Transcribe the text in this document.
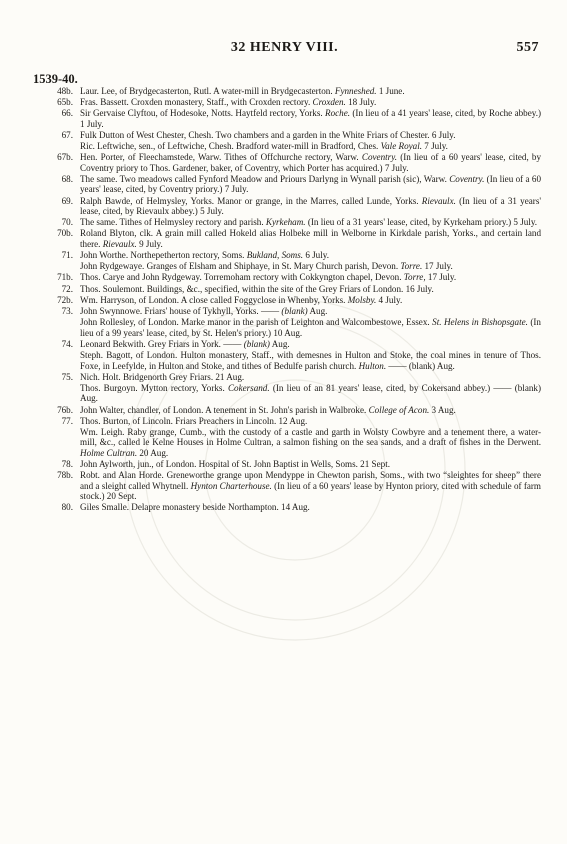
32 HENRY VIII.	557
1539-40.
48b. Laur. Lee, of Brydgecasterton, Rutl. A water-mill in Brydgecasterton. Fynneshed. 1 June.
65b. Fras. Bassett. Croxden monastery, Staff., with Croxden rectory. Croxden. 18 July.
66. Sir Gervaise Clyftou, of Hodesoke, Notts. Haytfeld rectory, Yorks. Roche. (In lieu of a 41 years' lease, cited, by Roche abbey.) 1 July.
67. Fulk Dutton of West Chester, Chesh. Two chambers and a garden in the White Friars of Chester. 6 July.
Ric. Leftwiche, sen., of Leftwiche, Chesh. Bradford water-mill in Bradford, Ches. Vale Royal. 7 July.
67b. Hen. Porter, of Fleechamstede, Warw. Tithes of Offchurche rectory, Warw. Coventry. (In lieu of a 60 years' lease, cited, by Coventry priory to Thos. Gardener, baker, of Coventry, which Porter has acquired.) 7 July.
68. The same. Two meadows called Fynford Meadow and Priours Darlyng in Wynall parish (sic), Warw. Coventry. (In lieu of a 60 years' lease, cited, by Coventry priory.) 7 July.
69. Ralph Bawde, of Helmysley, Yorks. Manor or grange, in the Marres, called Lunde, Yorks. Rievaulx. (In lieu of a 31 years' lease, cited, by Rievaulx abbey.) 5 July.
70. The same. Tithes of Helmysley rectory and parish. Kyrkeham. (In lieu of a 31 years' lease, cited, by Kyrkeham priory.) 5 July.
70b. Roland Blyton, clk. A grain mill called Hokeld alias Holbeke mill in Welborne in Kirkdale parish, Yorks., and certain land there. Rievaulx. 9 July.
71. John Worthe. Northepetherton rectory, Soms. Bukland, Soms. 6 July.
John Rydgewaye. Granges of Elsham and Shiphaye, in St. Mary Church parish, Devon. Torre. 17 July.
71b. Thos. Carye and John Rydgeway. Torremoham rectory with Cokkyngton chapel, Devon. Torre, 17 July.
72. Thos. Soulemont. Buildings, &c., specified, within the site of the Grey Friars of London. 16 July.
72b. Wm. Harryson, of London. A close called Foggyclose in Whenby, Yorks. Molsby. 4 July.
73. John Swynnowe. Friars' house of Tykhyll, Yorks. —— (blank) Aug.
John Rollesley, of London. Marke manor in the parish of Leighton and Walcombestowe, Essex. St. Helens in Bishopsgate. (In lieu of a 99 years' lease, cited, by St. Helen's priory.) 10 Aug.
74. Leonard Bekwith. Grey Friars in York. —— (blank) Aug.
Steph. Bagott, of London. Hulton monastery, Staff., with demesnes in Hulton and Stoke, the coal mines in tenure of Thos. Foxe, in Leefylde, in Hulton and Stoke, and tithes of Bedulfe parish church. Hulton. —— (blank) Aug.
75. Nich. Holt. Bridgenorth Grey Friars. 21 Aug.
Thos. Burgoyn. Mytton rectory, Yorks. Cokersand. (In lieu of an 81 years' lease, cited, by Cokersand abbey.) —— (blank) Aug.
76b. John Walter, chandler, of London. A tenement in St. John's parish in Walbroke. College of Acon. 3 Aug.
77. Thos. Burton, of Lincoln. Friars Preachers in Lincoln. 12 Aug.
Wm. Leigh. Raby grange, Cumb., with the custody of a castle and garth in Wolsty Cowbyre and a tenement there, a water-mill, &c., called le Kelne Houses in Holme Cultran, a salmon fishing on the sea sands, and a draft of fishes in the Derwent. Holme Cultran. 20 Aug.
78. John Aylworth, jun., of London. Hospital of St. John Baptist in Wells, Soms. 21 Sept.
78b. Robt. and Alan Horde. Greneworthe grange upon Mendyppe in Chewton parish, Soms., with two “sleightes for sheep” there and a sleight called Whytnell. Hynton Charterhouse. (In lieu of a 60 years' lease by Hynton priory, cited with schedule of farm stock.) 20 Sept.
80. Giles Smalle. Delapre monastery beside Northampton. 14 Aug.
